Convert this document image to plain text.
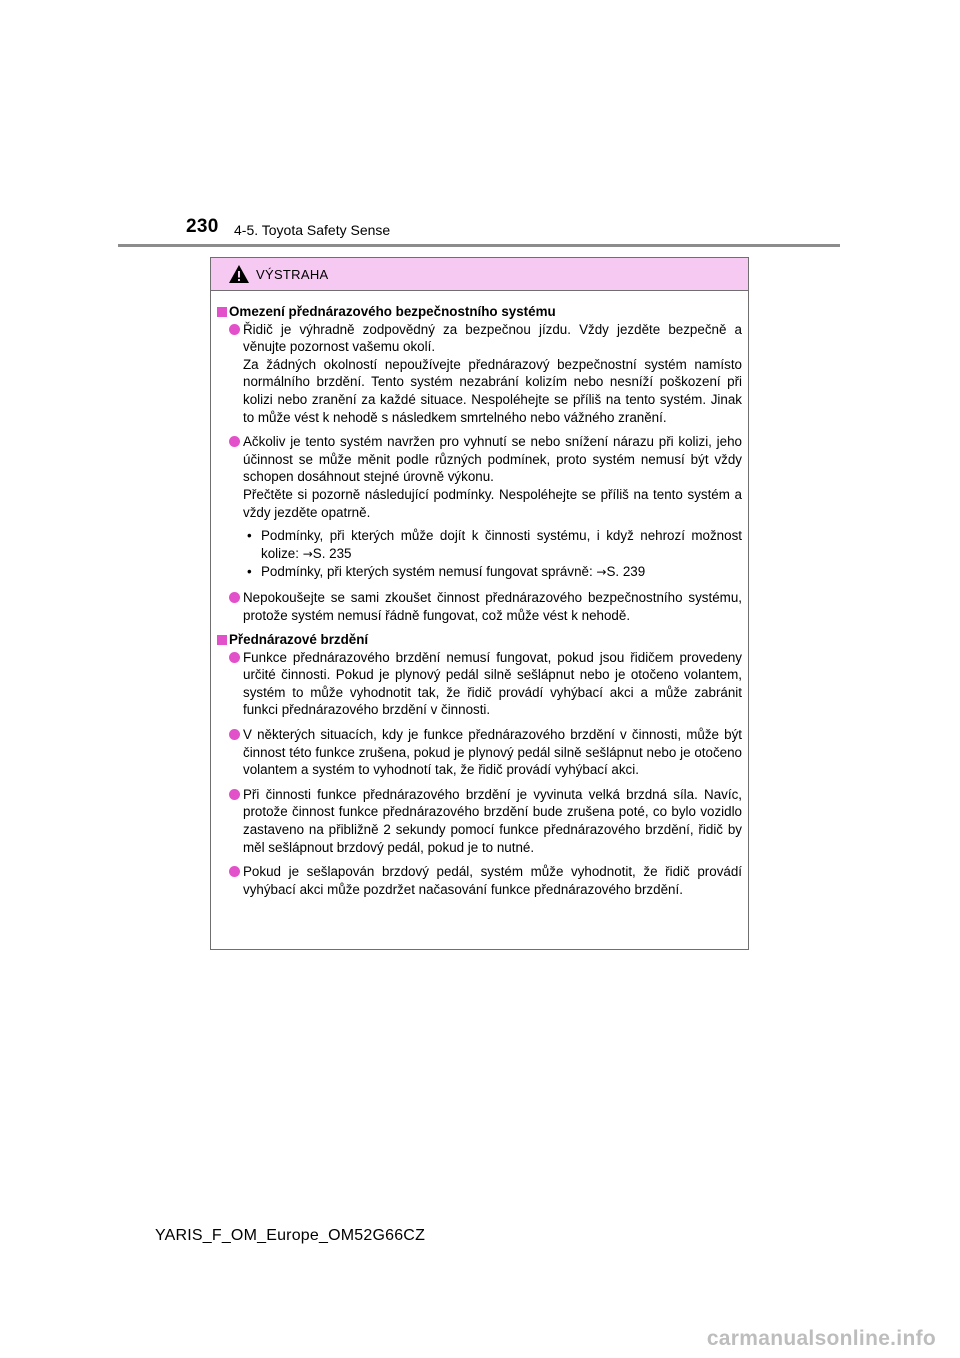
230 4-5. Toyota Safety Sense
VÝSTRAHA
Omezení přednárazového bezpečnostního systému

Řidič je výhradně zodpovědný za bezpečnou jízdu. Vždy jezděte bezpečně a věnujte pozornost vašemu okolí.

Za žádných okolností nepoužívejte přednárazový bezpečnostní systém namísto normálního brzdění. Tento systém nezabrání kolizím nebo nesníží poškození při kolizi nebo zranění za každé situace. Nespoléhejte se příliš na tento systém. Jinak to může vést k nehodě s následkem smrtelného nebo vážného zranění.

Ačkoliv je tento systém navržen pro vyhnutí se nebo snížení nárazu při kolizi, jeho účinnost se může měnit podle různých podmínek, proto systém nemusí být vždy schopen dosáhnout stejné úrovně výkonu.

Přečtěte si pozorně následující podmínky. Nespoléhejte se příliš na tento systém a vždy jezděte opatrně.

• Podmínky, při kterých může dojít k činnosti systému, i když nehrozí možnost kolize: →S. 235
• Podmínky, při kterých systém nemusí fungovat správně: →S. 239

Nepokoušejte se sami zkoušet činnost přednárazového bezpečnostního systému, protože systém nemusí řádně fungovat, což může vést k nehodě.

Přednárazové brzdění

Funkce přednárazového brzdění nemusí fungovat, pokud jsou řidičem provedeny určité činnosti. Pokud je plynový pedál silně sešlápnut nebo je otočeno volantem, systém to může vyhodnotit tak, že řidič provádí vyhýbací akci a může zabránit funkci přednárazového brzdění v činnosti.

V některých situacích, kdy je funkce přednárazového brzdění v činnosti, může být činnost této funkce zrušena, pokud je plynový pedál silně sešlápnut nebo je otočeno volantem a systém to vyhodnotí tak, že řidič provádí vyhýbací akci.

Při činnosti funkce přednárazového brzdění je vyvinuta velká brzdná síla. Navíc, protože činnost funkce přednárazového brzdění bude zrušena poté, co bylo vozidlo zastaveno na přibližně 2 sekundy pomocí funkce přednárazového brzdění, řidič by měl sešlápnout brzdový pedál, pokud je to nutné.

Pokud je sešlapován brzdový pedál, systém může vyhodnotit, že řidič provádí vyhýbací akci může pozdržet načasování funkce přednárazového brzdění.

YARIS_F_OM_Europe_OM52G66CZ
carmanualsonline.info
